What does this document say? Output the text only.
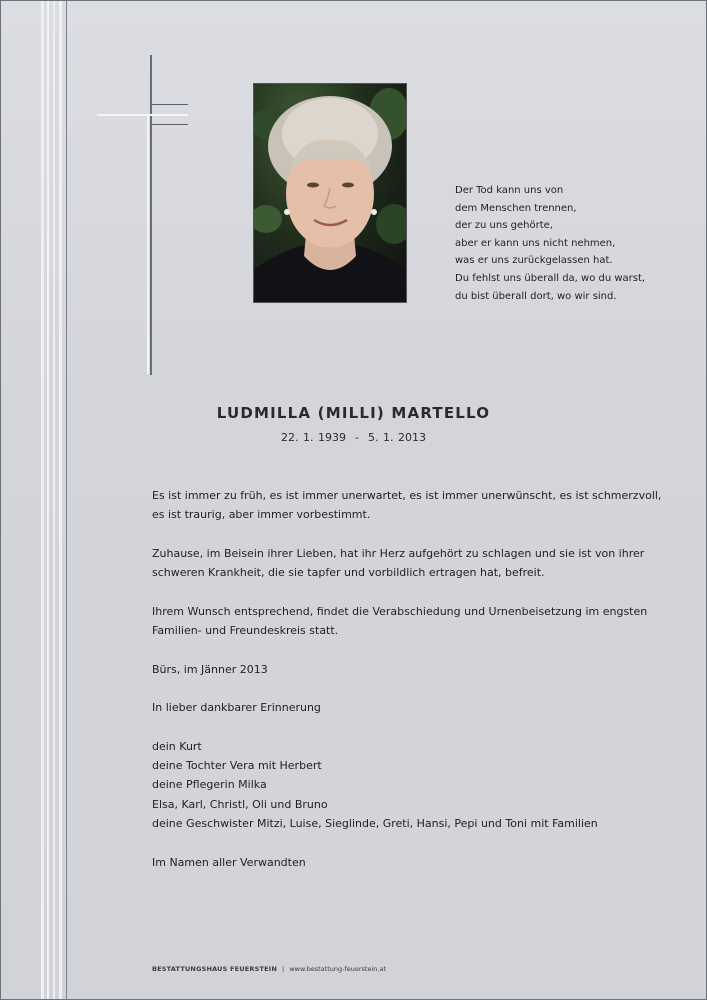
Der Tod kann uns von
dem Menschen trennen,
der zu uns gehörte,
aber er kann uns nicht nehmen,
was er uns zurückgelassen hat.
Du fehlst uns überall da, wo du warst,
du bist überall dort, wo wir sind.
LUDMILLA (MILLI) MARTELLO
22. 1. 1939  -  5. 1. 2013
Es ist immer zu früh, es ist immer unerwartet, es ist immer unerwünscht, es ist schmerzvoll,
es ist traurig, aber immer vorbestimmt.
Zuhause, im Beisein ihrer Lieben, hat ihr Herz aufgehört zu schlagen und sie ist von ihrer
schweren Krankheit, die sie tapfer und vorbildlich ertragen hat, befreit.
Ihrem Wunsch entsprechend, findet die Verabschiedung und Urnenbeisetzung im engsten
Familien- und Freundeskreis statt.
Bürs, im Jänner 2013
In lieber dankbarer Erinnerung
dein Kurt
deine Tochter Vera mit Herbert
deine Pflegerin Milka
Elsa, Karl, Christl, Oli und Bruno
deine Geschwister Mitzi, Luise, Sieglinde, Greti, Hansi, Pepi und Toni mit Familien
Im Namen aller Verwandten
BESTATTUNGSHAUS FEUERSTEIN | www.bestattung-feuerstein.at
